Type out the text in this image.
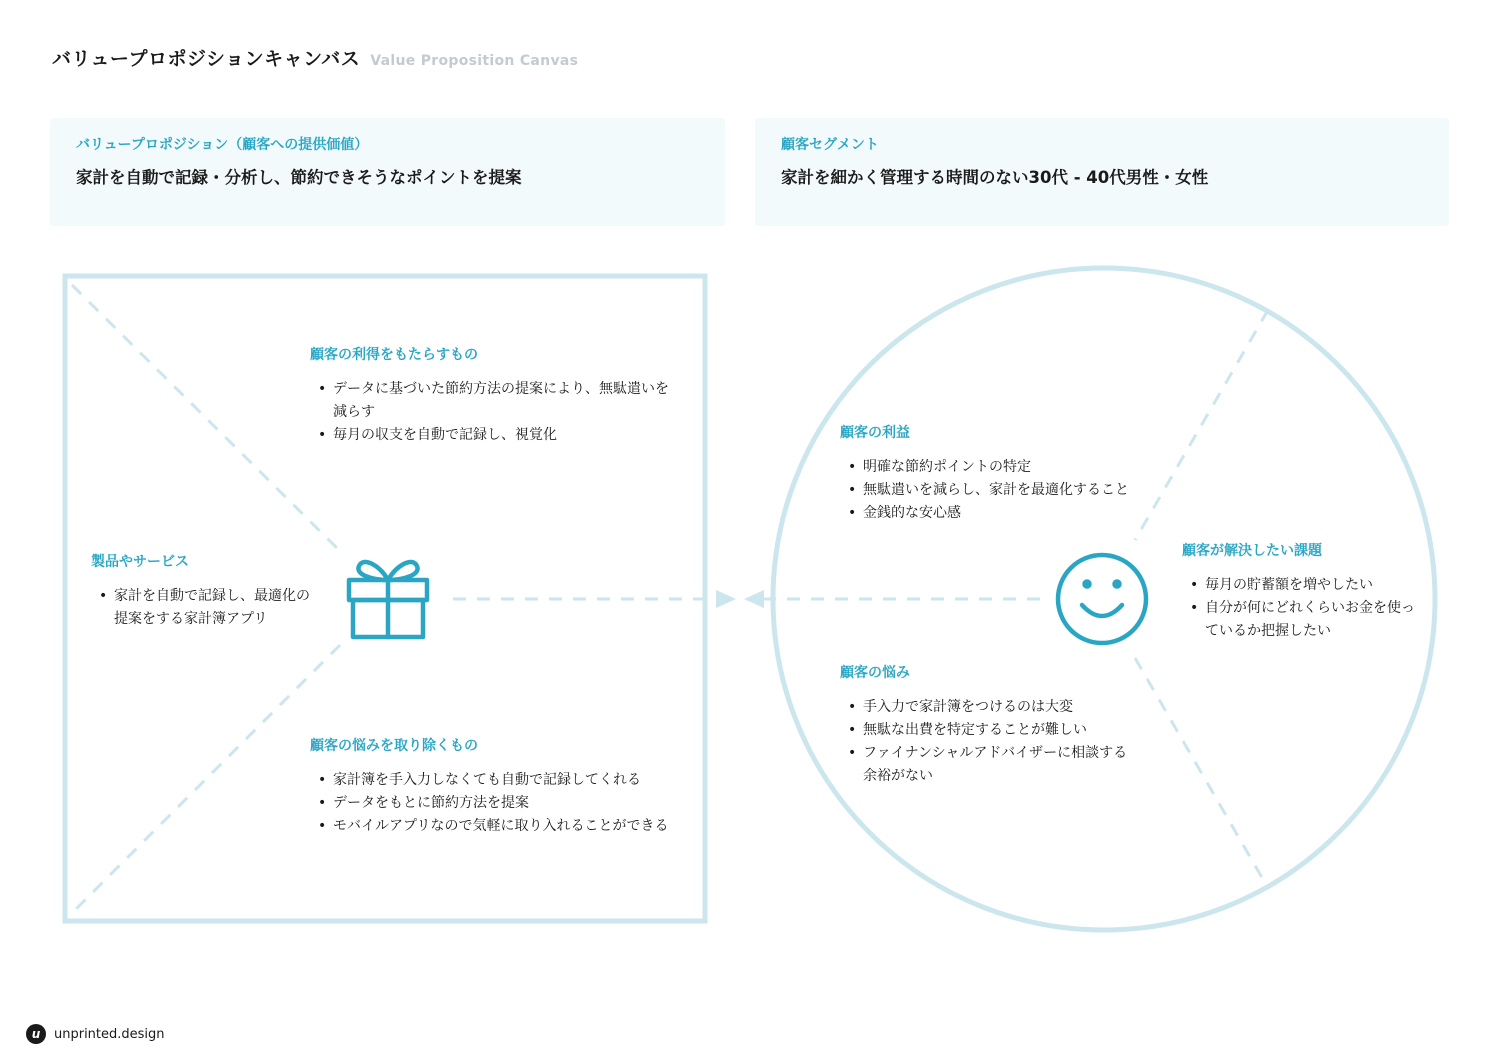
バリュープロポジションキャンバス Value Proposition Canvas
バリュープロポジション（顧客への提供価値）
家計を自動で記録・分析し、節約できそうなポイントを提案
顧客セグメント
家計を細かく管理する時間のない30代 - 40代男性・女性
顧客の利得をもたらすもの
• データに基づいた節約方法の提案により、無駄遣いを減らす
• 毎月の収支を自動で記録し、視覚化
製品やサービス
• 家計を自動で記録し、最適化の提案をする家計簿アプリ
顧客の悩みを取り除くもの
• 家計簿を手入力しなくても自動で記録してくれる
• データをもとに節約方法を提案
• モバイルアプリなので気軽に取り入れることができる
顧客の利益
• 明確な節約ポイントの特定
• 無駄遣いを減らし、家計を最適化すること
• 金銭的な安心感
顧客が解決したい課題
• 毎月の貯蓄額を増やしたい
• 自分が何にどれくらいお金を使っているか把握したい
顧客の悩み
• 手入力で家計簿をつけるのは大変
• 無駄な出費を特定することが難しい
• ファイナンシャルアドバイザーに相談する余裕がない
u	unprinted.design
